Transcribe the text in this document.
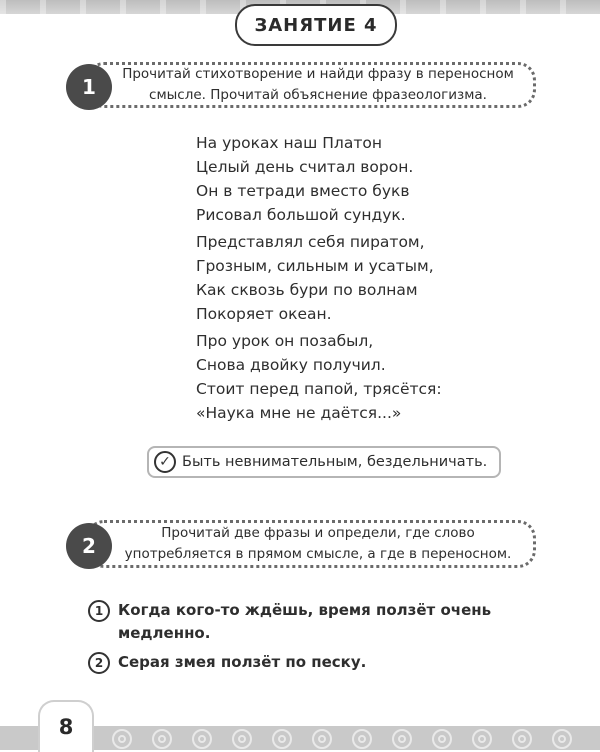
ЗАНЯТИЕ 4
Прочитай стихотворение и найди фразу в переносном
смысле. Прочитай объяснение фразеологизма.
1
На уроках наш Платон
Целый день считал ворон.
Он в тетради вместо букв
Рисовал большой сундук.
Представлял себя пиратом,
Грозным, сильным и усатым,
Как сквозь бури по волнам
Покоряет океан.
Про урок он позабыл,
Снова двойку получил.
Стоит перед папой, трясётся:
«Наука мне не даётся...»
✓ Быть невнимательным, бездельничать.
Прочитай две фразы и определи, где слово
употребляется в прямом смысле, а где в переносном.
2
1 Когда кого-то ждёшь, время ползёт очень
медленно.
2 Серая змея ползёт по песку.
8
